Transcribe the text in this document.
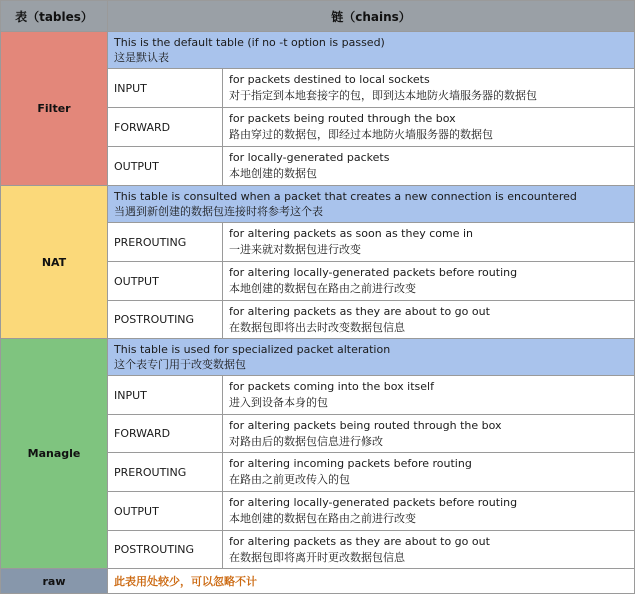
表（tables）	链（chains）
Filter
This is the default table (if no -t option is passed)
这是默认表
INPUT
for packets destined to local sockets
对于指定到本地套接字的包，即到达本地防火墙服务器的数据包
FORWARD
for packets being routed through the box
路由穿过的数据包，即经过本地防火墙服务器的数据包
OUTPUT
for locally-generated packets
本地创建的数据包
NAT
This table is consulted when a packet that creates a new connection is encountered
当遇到新创建的数据包连接时将参考这个表
PREROUTING
for altering packets as soon as they come in
一进来就对数据包进行改变
OUTPUT
for altering locally-generated packets before routing
本地创建的数据包在路由之前进行改变
POSTROUTING
for altering packets as they are about to go out
在数据包即将出去时改变数据包信息
Managle
This table is used for specialized packet alteration
这个表专门用于改变数据包
INPUT
for packets coming into the box itself
进入到设备本身的包
FORWARD
for altering packets being routed through the box
对路由后的数据包信息进行修改
PREROUTING
for altering incoming packets before routing
在路由之前更改传入的包
OUTPUT
for altering locally-generated packets before routing
本地创建的数据包在路由之前进行改变
POSTROUTING
for altering packets as they are about to go out
在数据包即将离开时更改数据包信息
raw	此表用处较少，可以忽略不计
